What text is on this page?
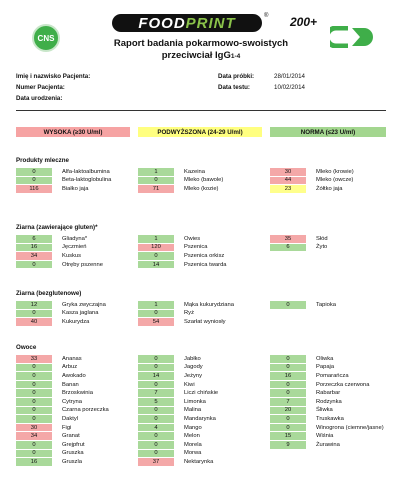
CNS
FOOD PRINT	® 200+
Raport badania pokarmowo-swoistych
przeciwciał IgG1-4
Imię i nazwisko Pacjenta:
Numer Pacjenta:
Data urodzenia:
Data próbki:	28/01/2014
Data testu:	10/02/2014
WYSOKA (≥30 U/ml)	PODWYŻSZONA (24-29 U/ml)	NORMA (≤23 U/ml)
Produkty mleczne
0	Alfa-laktoalbumina
0	Beta-laktoglobulina
116	Białko jaja
1	Kazeina
0	Mleko (bawole)
71	Mleko (kozie)
30	Mleko (krowie)
44	Mleko (owcze)
23	Żółtko jaja
Ziarna (zawierające gluten)*
6	Gliadyna*
16	Jęczmień
34	Kuskus
0	Otręby pszenne
1	Owies
120	Pszenica
0	Pszenica orkisz
14	Pszenica twarda
35	Słód
6	Żyto
Ziarna (bezglutenowe)
12	Gryka zwyczajna
0	Kasza jaglana
40	Kukurydza
1	Mąka kukurydziana
0	Ryż
54	Szarłat wyniosły
0	Tapioka
Owoce
33	Ananas
0	Arbuz
0	Awokado
0	Banan
0	Brzoskwinia
0	Cytryna
0	Czarna porzeczka
0	Daktyl
30	Figi
34	Granat
0	Grejpfrut
0	Gruszka
16	Gruszla
0	Jabłko
0	Jagody
14	Jeżyny
0	Kiwi
7	Liczi chińskie
5	Limonka
0	Malina
0	Mandarynka
4	Mango
0	Melon
0	Morela
0	Morwa
37	Nektarynka
0	Oliwka
0	Papaja
16	Pomarańcza
0	Porzeczka czerwona
0	Rabarbar
7	Rodzynka
20	Śliwka
0	Truskawka
0	Winogrona (ciemne/jasne)
15	Wiśnia
9	Żurawina
